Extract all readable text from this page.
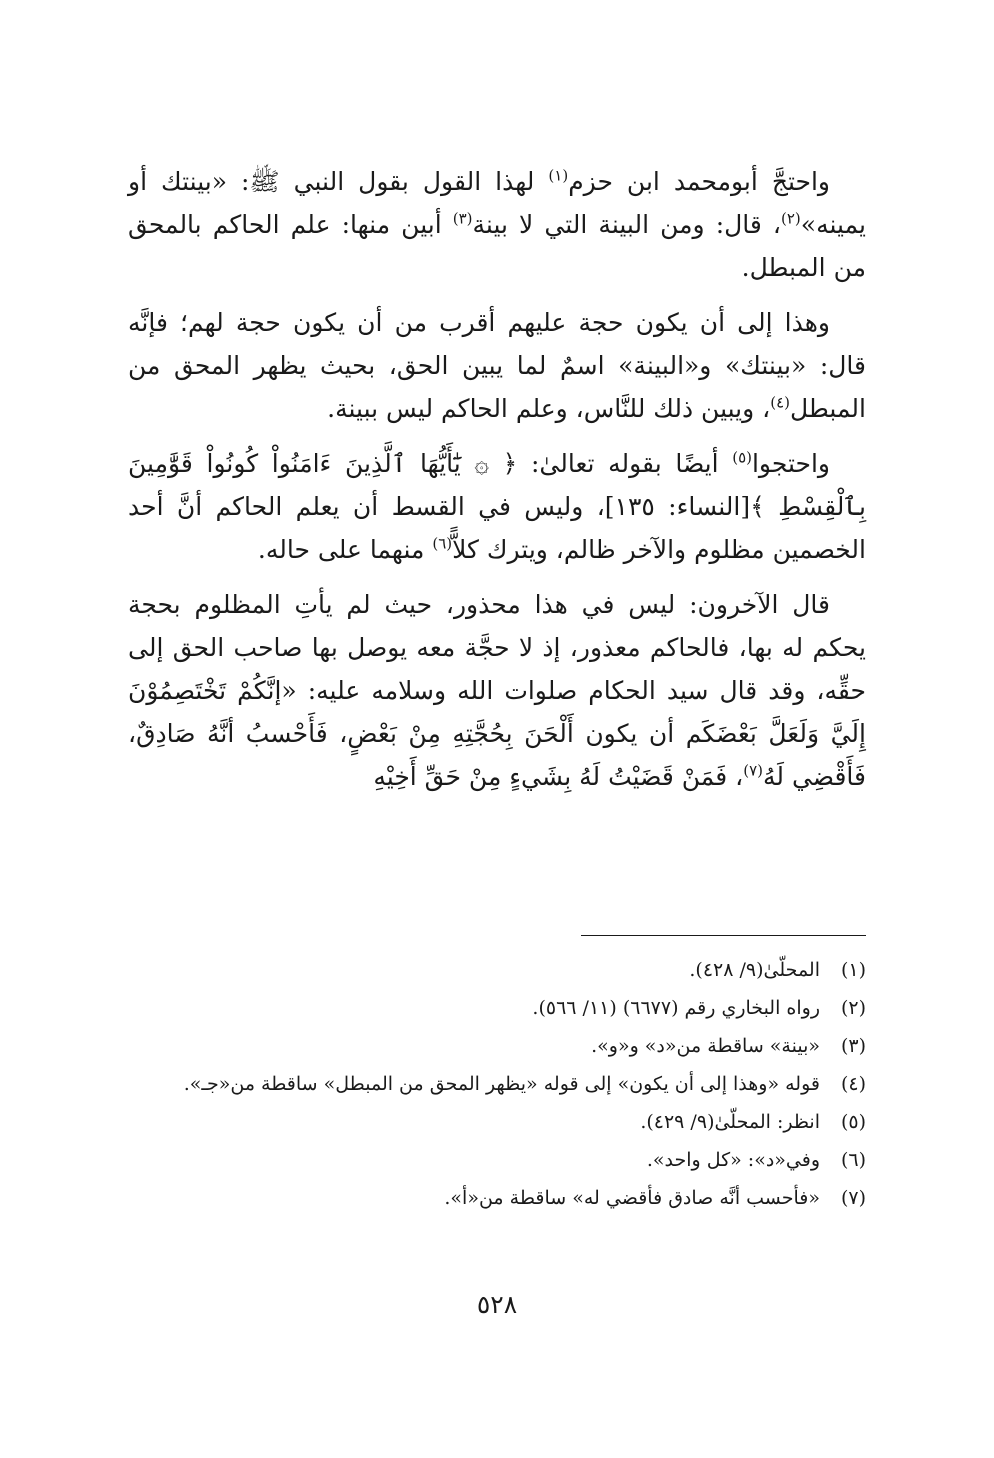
واحتجَّ أبومحمد ابن حزم$^{(١)}$ لهذا القول بقول النبي ﷺ: «بينتك أو يمينه»$^{(٢)}$، قال: ومن البينة التي لا بينة$^{(٣)}$ أبين منها: علم الحاكم بالمحق من المبطل.

وهذا إلى أن يكون حجة عليهم أقرب من أن يكون حجة لهم؛ فإنَّه قال: «بينتك» و«البينة» اسمٌ لما يبين الحق، بحيث يظهر المحق من المبطل$^{(٤)}$، ويبين ذلك للنَّاس، وعلم الحاكم ليس ببينة.

واحتجوا$^{(٥)}$ أيضًا بقوله تعالىٰ: ﴿ ۞ يَٰٓأَيُّهَا ٱلَّذِينَ ءَامَنُواْ كُونُواْ قَوَّٰمِينَ بِٱلْقِسْطِ ﴾[النساء: ١٣٥]، وليس في القسط أن يعلم الحاكم أنَّ أحد الخصمين مظلوم والآخر ظالم، ويترك كلاًّ$^{(٦)}$ منهما على حاله.

قال الآخرون: ليس في هذا محذور، حيث لم يأتِ المظلوم بحجة يحكم له بها، فالحاكم معذور، إذ لا حجَّة معه يوصل بها صاحب الحق إلى حقِّه، وقد قال سيد الحكام صلوات الله وسلامه عليه: «إنَّكُمْ تَخْتَصِمُوْنَ إِلَيَّ وَلَعَلَّ بَعْضَكَم أن يكون أَلْحَنَ بِحُجَّتِهِ مِنْ بَعْضٍ، فَأَحْسبُ أنَّهُ صَادِقٌ، فَأَقْضِي لَهُ$^{(٧)}$، فَمَنْ قَضَيْتُ لَهُ بِشَيءٍ مِنْ حَقِّ أَخِيْهِ

(١)
المحلّىٰ(٩/ ٤٢٨).
(٢)
رواه البخاري رقم (٦٦٧٧) (١١/ ٥٦٦).
(٣)
«بينة» ساقطة من«د» و«و».
(٤)
قوله «وهذا إلى أن يكون» إلى قوله «يظهر المحق من المبطل» ساقطة من«جـ».
(٥)
انظر: المحلّىٰ(٩/ ٤٢٩).
(٦)
وفي«د»: «كل واحد».
(٧)
«فأحسب أنَّه صادق فأقضي له» ساقطة من«أ».
٥٢٨
